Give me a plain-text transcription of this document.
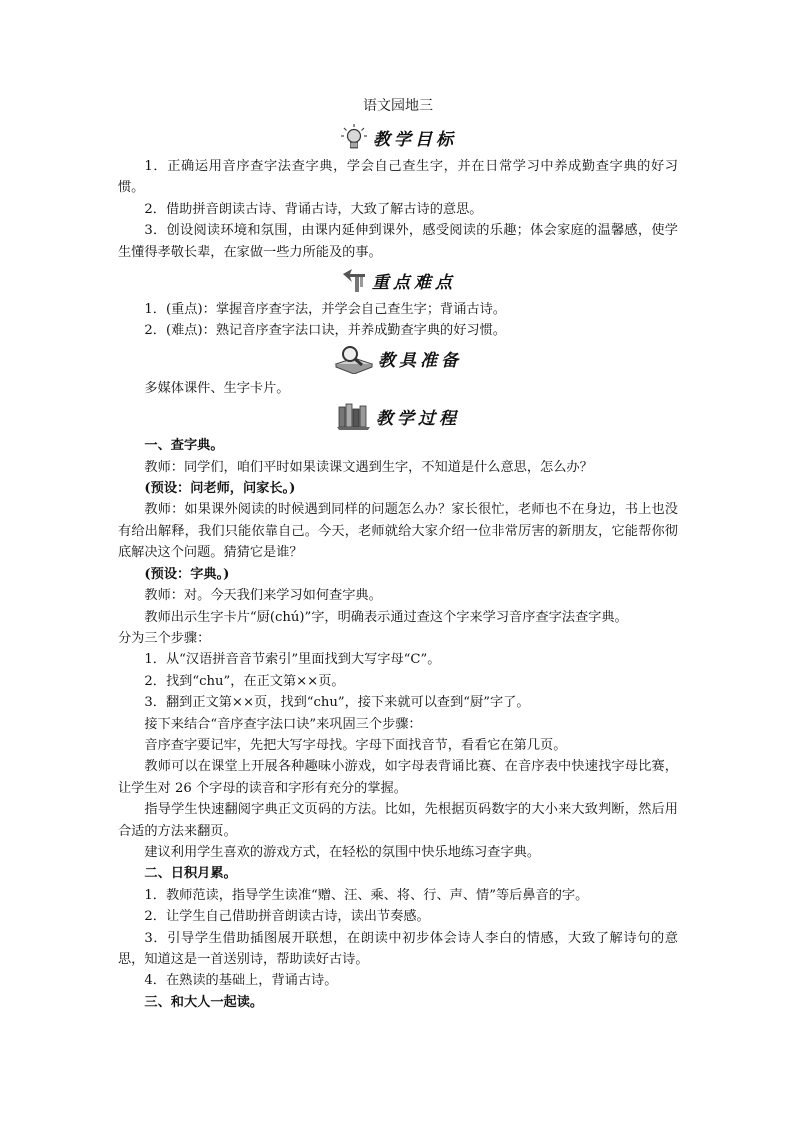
语文园地三
教学目标

1．正确运用音序查字法查字典，学会自己查生字，并在日常学习中养成勤查字典的好习惯。

2．借助拼音朗读古诗、背诵古诗，大致了解古诗的意思。

3．创设阅读环境和氛围，由课内延伸到课外，感受阅读的乐趣；体会家庭的温馨感，使学生懂得孝敬长辈，在家做一些力所能及的事。

重点难点

1．(重点)：掌握音序查字法，并学会自己查生字；背诵古诗。

2．(难点)：熟记音序查字法口诀，并养成勤查字典的好习惯。

教具准备

多媒体课件、生字卡片。

教学过程

一、查字典。

教师：同学们，咱们平时如果读课文遇到生字，不知道是什么意思，怎么办？

(预设：问老师，问家长。)

教师：如果课外阅读的时候遇到同样的问题怎么办？家长很忙，老师也不在身边，书上也没有给出解释，我们只能依靠自己。今天，老师就给大家介绍一位非常厉害的新朋友，它能帮你彻底解决这个问题。猜猜它是谁？

(预设：字典。)

教师：对。今天我们来学习如何查字典。

教师出示生字卡片“厨(chú)”字，明确表示通过查这个字来学习音序查字法查字典。

分为三个步骤：

1．从“汉语拼音音节索引”里面找到大写字母“C”。

2．找到“chu”，在正文第××页。

3．翻到正文第××页，找到“chu”，接下来就可以查到“厨”字了。

接下来结合“音序查字法口诀”来巩固三个步骤：

音序查字要记牢，先把大写字母找。字母下面找音节，看看它在第几页。

教师可以在课堂上开展各种趣味小游戏，如字母表背诵比赛、在音序表中快速找字母比赛，让学生对 26 个字母的读音和字形有充分的掌握。

指导学生快速翻阅字典正文页码的方法。比如，先根据页码数字的大小来大致判断，然后用合适的方法来翻页。

建议利用学生喜欢的游戏方式，在轻松的氛围中快乐地练习查字典。

二、日积月累。

1．教师范读，指导学生读准“赠、汪、乘、将、行、声、情”等后鼻音的字。

2．让学生自己借助拼音朗读古诗，读出节奏感。

3．引导学生借助插图展开联想，在朗读中初步体会诗人李白的情感，大致了解诗句的意思，知道这是一首送别诗，帮助读好古诗。

4．在熟读的基础上，背诵古诗。

三、和大人一起读。
